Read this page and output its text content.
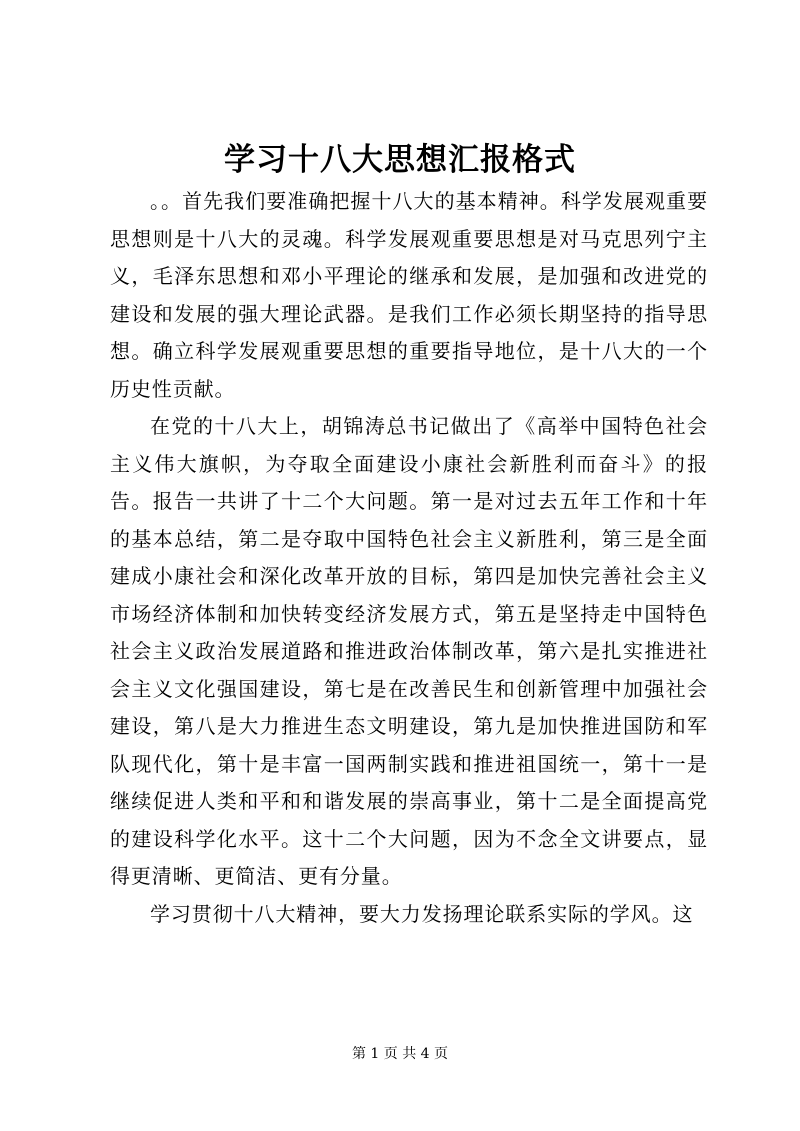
学习十八大思想汇报格式

。。首先我们要准确把握十八大的基本精神。科学发展观重要思想则是十八大的灵魂。科学发展观重要思想是对马克思列宁主义，毛泽东思想和邓小平理论的继承和发展，是加强和改进党的建设和发展的强大理论武器。是我们工作必须长期坚持的指导思想。确立科学发展观重要思想的重要指导地位，是十八大的一个历史性贡献。

在党的十八大上，胡锦涛总书记做出了《高举中国特色社会主义伟大旗帜，为夺取全面建设小康社会新胜利而奋斗》的报告。报告一共讲了十二个大问题。第一是对过去五年工作和十年的基本总结，第二是夺取中国特色社会主义新胜利，第三是全面建成小康社会和深化改革开放的目标，第四是加快完善社会主义市场经济体制和加快转变经济发展方式，第五是坚持走中国特色社会主义政治发展道路和推进政治体制改革，第六是扎实推进社会主义文化强国建设，第七是在改善民生和创新管理中加强社会建设，第八是大力推进生态文明建设，第九是加快推进国防和军队现代化，第十是丰富一国两制实践和推进祖国统一，第十一是继续促进人类和平和和谐发展的崇高事业，第十二是全面提高党的建设科学化水平。这十二个大问题，因为不念全文讲要点，显得更清晰、更简洁、更有分量。

学习贯彻十八大精神，要大力发扬理论联系实际的学风。这

第 1 页 共 4 页
